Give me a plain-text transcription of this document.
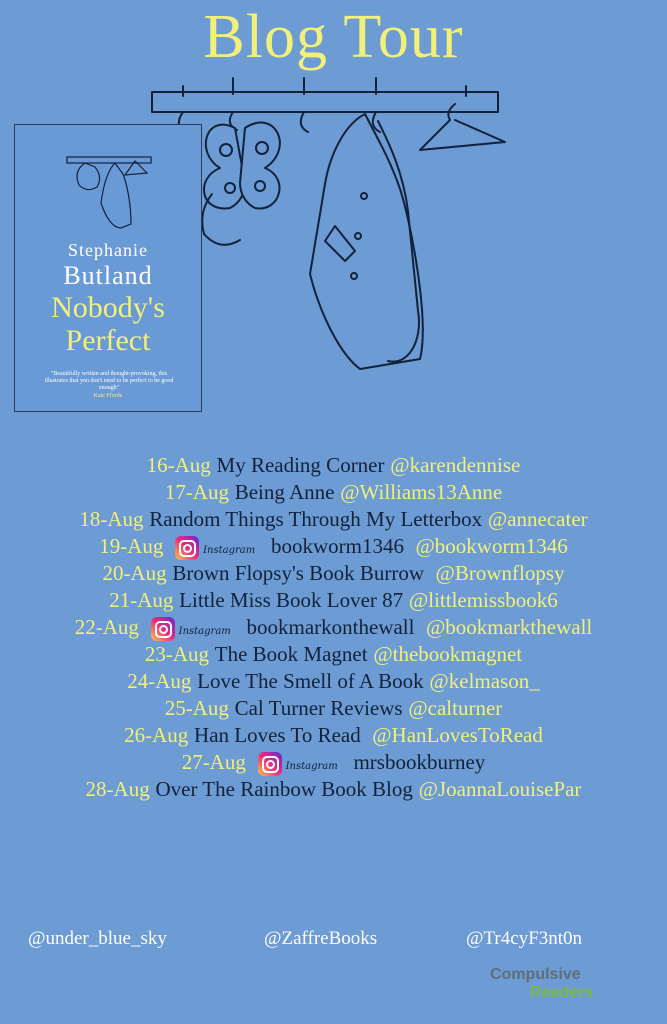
Blog Tour
Stephanie
Butland
Nobody's
Perfect
"Beautifully written and thought-provoking, this illustrates that you don't need to be perfect to be good enough"
Kate Fforde
16-Aug My Reading Corner @karendennise
17-Aug Being Anne @Williams13Anne
18-Aug Random Things Through My Letterbox @annecater
19-Aug	Instagram bookworm1346 @bookworm1346
20-Aug Brown Flopsy's Book Burrow @Brownflopsy
21-Aug Little Miss Book Lover 87 @littlemissbook6
22-Aug	Instagram bookmarkonthewall @bookmarkthewall
23-Aug The Book Magnet @thebookmagnet
24-Aug Love The Smell of A Book @kelmason_
25-Aug Cal Turner Reviews @calturner
26-Aug Han Loves To Read @HanLovesToRead
27-Aug	Instagram mrsbookburney
28-Aug Over The Rainbow Book Blog @JoannaLouisePar
@under_blue_sky	@ZaffreBooks	@Tr4cyF3nt0n
Compulsive
Readers
